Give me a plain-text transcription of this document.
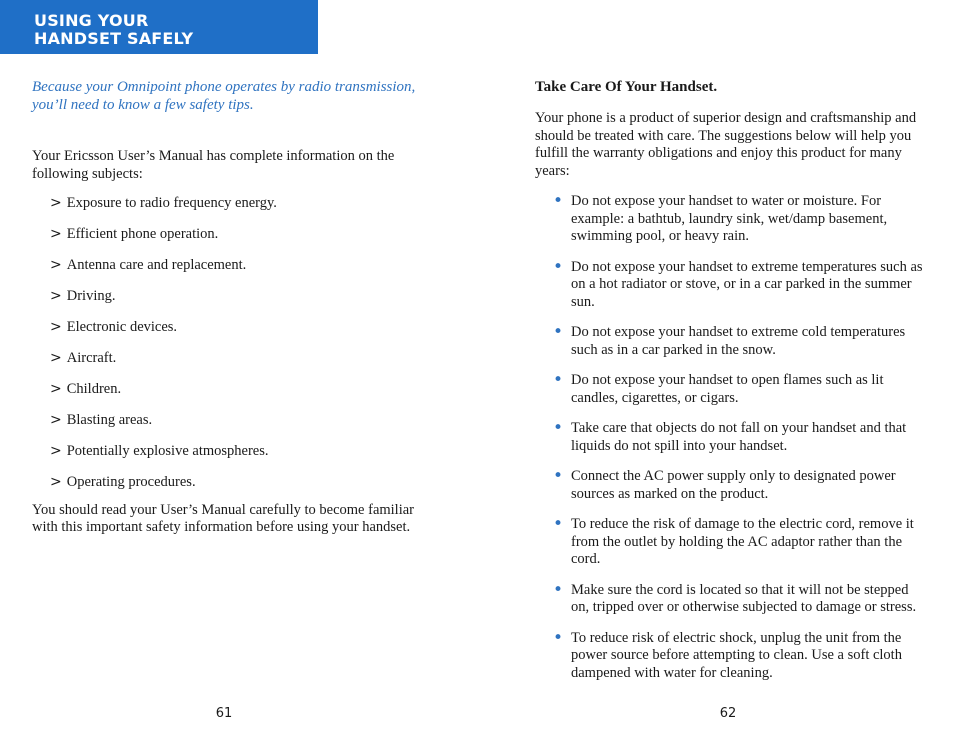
USING YOUR
HANDSET SAFELY

Because your Omnipoint phone operates by radio transmission, you’ll need to know a few safety tips.

Your Ericsson User’s Manual has complete information on the following subjects:

> Exposure to radio frequency energy.
> Efficient phone operation.
> Antenna care and replacement.
> Driving.
> Electronic devices.
> Aircraft.
> Children.
> Blasting areas.
> Potentially explosive atmospheres.
> Operating procedures.

You should read your User’s Manual carefully to become familiar with this important safety information before using your handset.

Take Care Of Your Handset.

Your phone is a product of superior design and craftsmanship and should be treated with care. The suggestions below will help you fulfill the warranty obligations and enjoy this product for many years:

• Do not expose your handset to water or moisture. For example: a bathtub, laundry sink, wet/damp basement, swimming pool, or heavy rain.
• Do not expose your handset to extreme temperatures such as on a hot radiator or stove, or in a car parked in the summer sun.
• Do not expose your handset to extreme cold temperatures such as in a car parked in the snow.
• Do not expose your handset to open flames such as lit candles, cigarettes, or cigars.
• Take care that objects do not fall on your handset and that liquids do not spill into your handset.
• Connect the AC power supply only to designated power sources as marked on the product.
• To reduce the risk of damage to the electric cord, remove it from the outlet by holding the AC adaptor rather than the cord.
• Make sure the cord is located so that it will not be stepped on, tripped over or otherwise subjected to damage or stress.
• To reduce risk of electric shock, unplug the unit from the power source before attempting to clean. Use a soft cloth dampened with water for cleaning.
61	62
